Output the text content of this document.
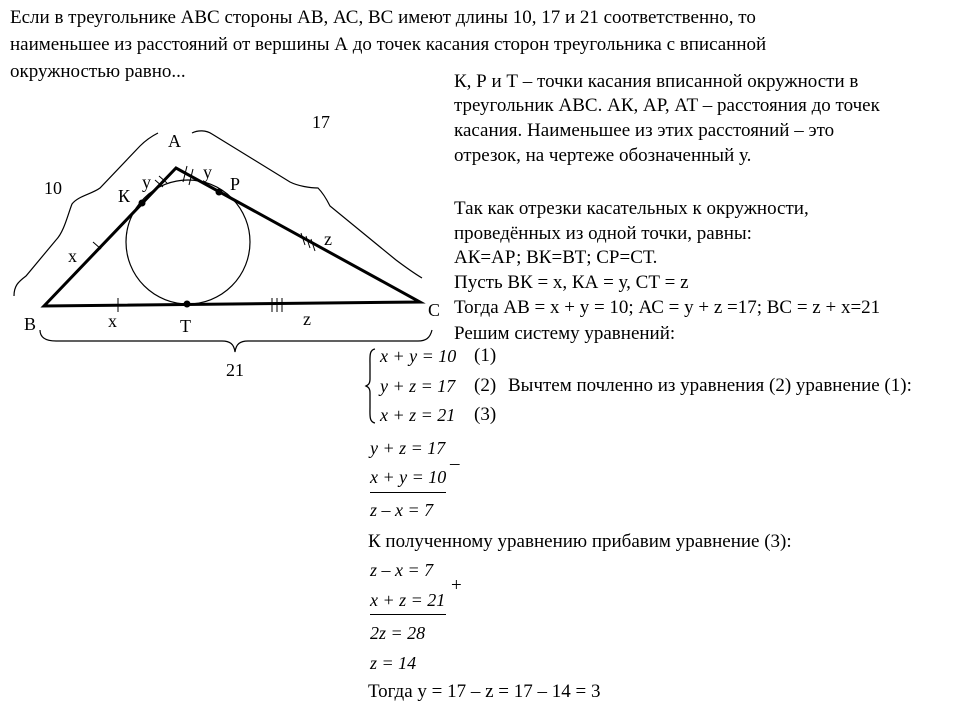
Если в треугольнике АВС стороны АВ, АС, ВС имеют длины 10, 17 и 21 соответственно, то
наименьшее из расстояний от вершины А до точек касания сторон треугольника с вписанной
окружностью равно...
А
В
С
К
Р
Т
10
17
21
x
y	y
z
x	z
К, Р и Т – точки касания вписанной окружности в
треугольник АВС. АК, АР, АТ – расстояния до точек
касания. Наименьшее из этих расстояний – это
отрезок, на чертеже обозначенный у.
Так как отрезки касательных к окружности,
проведённых из одной точки, равны:
АК=АР; ВК=ВТ; СР=СТ.
Пусть ВК = х, КА = у, СТ = z
Тогда АВ = х + у = 10; АС = у + z =17; ВС = z + х=21
Решим систему уравнений:
x + y = 10 (1)
y + z = 17 (2) Вычтем почленно из уравнения (2) уравнение (1):
x + z = 21 (3)
y + z = 17
x + y = 10
–
z – x = 7
К полученному уравнению прибавим уравнение (3):
z – x = 7
+
x + z = 21
2z = 28
z = 14
Тогда y = 17 – z = 17 – 14 = 3
